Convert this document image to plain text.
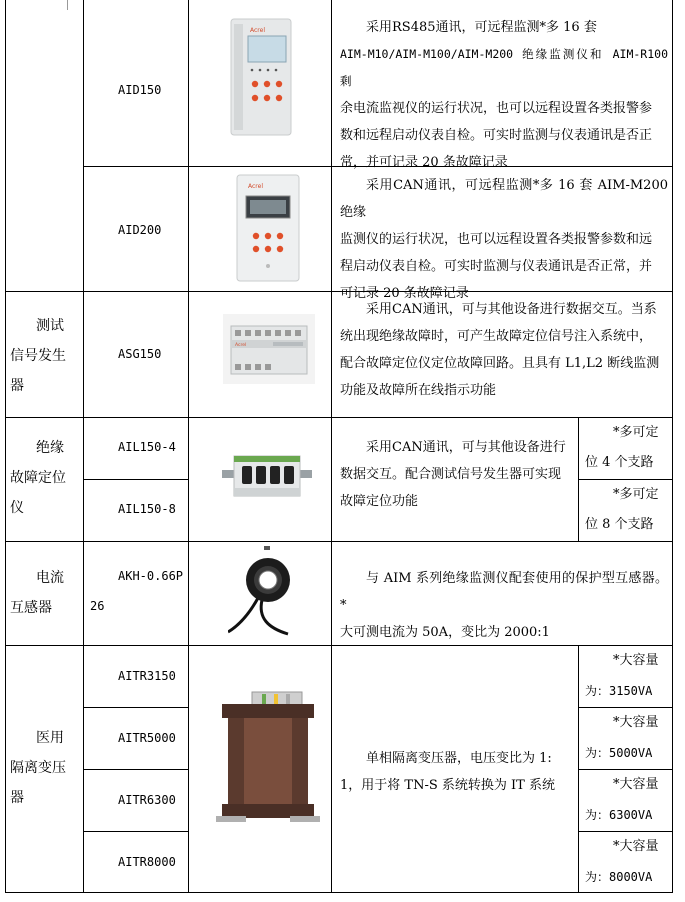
AID150
Acrel	采用RS485通讯，可远程监测*多 16 套
AIM-M10/AIM-M100/AIM-M200 绝缘监测仪和 AIM-R100 剩
余电流监视仪的运行状况，也可以远程设置各类报警参
数和远程启动仪表自检。可实时监测与仪表通讯是否正
常，并可记录 20 条故障记录
AID200
Acrel	采用CAN通讯，可远程监测*多 16 套 AIM-M200 绝缘
监测仪的运行状况，也可以远程设置各类报警参数和远
程启动仪表自检。可实时监测与仪表通讯是否正常，并
可记录 20 条故障记录
测试
信号发生
器
ASG150
Acrel
采用CAN通讯，可与其他设备进行数据交互。当系
统出现绝缘故障时，可产生故障定位信号注入系统中，
配合故障定位仪定位故障回路。且具有 L1,L2 断线监测
功能及故障所在线指示功能
绝缘
故障定位
仪
AIL150-4
AIL150-8
采用CAN通讯，可与其他设备进行
数据交互。配合测试信号发生器可实现
故障定位功能
*多可定
位 4 个支路
*多可定
位 8 个支路
电流
互感器
AKH-0.66P
26
与 AIM 系列绝缘监测仪配套使用的保护型互感器。*
大可测电流为 50A，变比为 2000:1
医用
隔离变压
器
AITR3150
AITR5000
AITR6300
AITR8000
单相隔离变压器，电压变比为 1:
1，用于将 TN-S 系统转换为 IT 系统
*大容量
为：3150VA
*大容量
为：5000VA
*大容量
为：6300VA
*大容量
为：8000VA
